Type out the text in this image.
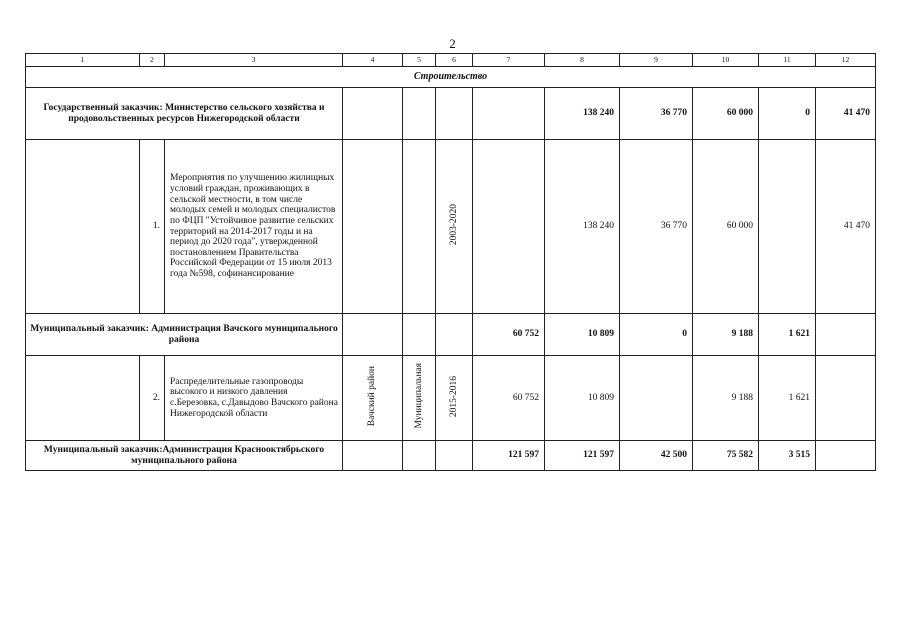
2
1	2	3	4	5	6	7	8	9	10	11	12
Строительство											
Государственный заказчик: Министерство сельского хозяйства и продовольственных ресурсов Нижегородской области							138 240	36 770	60 000	0	41 470
	1.	Мероприятия по улучшению жилищных условий граждан, проживающих в сельской местности, в том числе молодых семей и молодых специалистов по ФЦП "Устойчивое развитие сельских территорий на 2014-2017 годы и на период до 2020 года", утвержденной постановлением Правительства Российской Федерации от 15 июля 2013 года №598, софинансирование			2003-2020		138 240	36 770	60 000		41 470
Муниципальный заказчик: Администрация Вачского муниципального района						60 752	10 809	0	9 188	1 621	
	2.	Распределительные газопроводы высокого и низкого давления с.Березовка, с.Давыдово Вачского района Нижегородской области	Вачский район	Муниципальная	2015-2016	60 752	10 809		9 188	1 621	
Муниципальный заказчик:Администрация Краснооктябрьского муниципального района						121 597	121 597	42 500	75 582	3 515	
